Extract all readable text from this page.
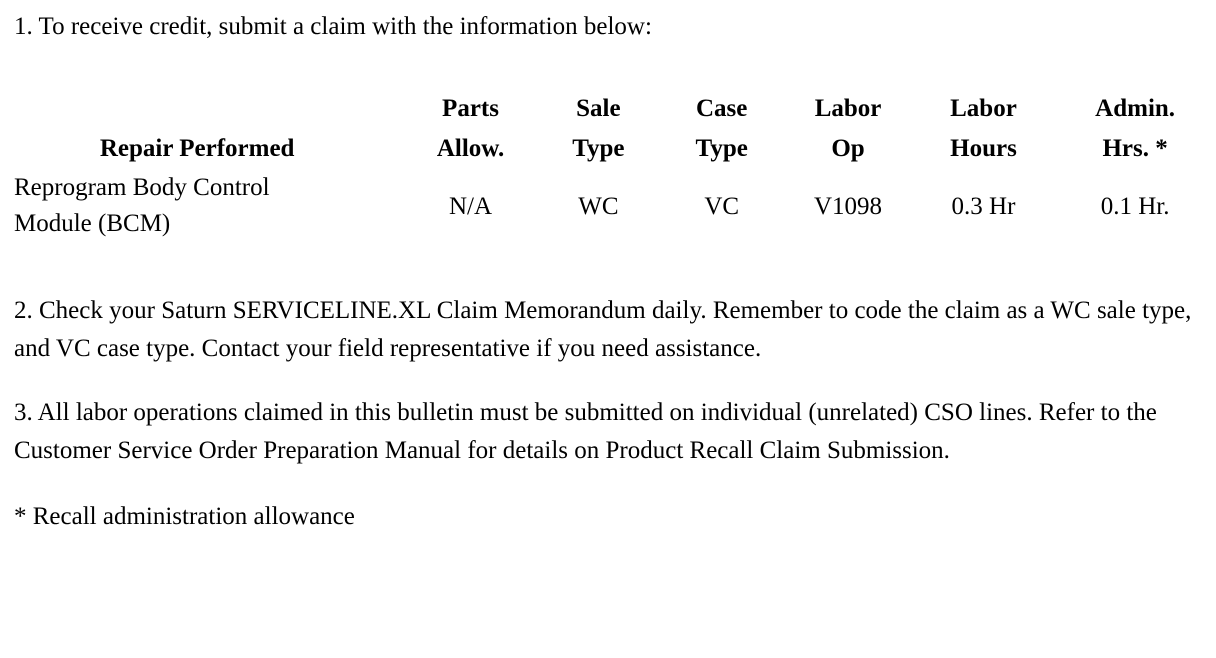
1. To receive credit, submit a claim with the information below:

	Parts	Sale	Case	Labor	Labor	Admin.
Repair Performed	Allow.	Type	Type	Op	Hours	Hrs. *

Reprogram Body Control
Module (BCM)	N/A	WC	VC	V1098	0.3 Hr	0.1 Hr.

2. Check your Saturn SERVICELINE.XL Claim Memorandum daily. Remember to code the claim as a WC sale type, and VC case type. Contact your field representative if you need assistance.

3. All labor operations claimed in this bulletin must be submitted on individual (unrelated) CSO lines. Refer to the Customer Service Order Preparation Manual for details on Product Recall Claim Submission.

* Recall administration allowance
